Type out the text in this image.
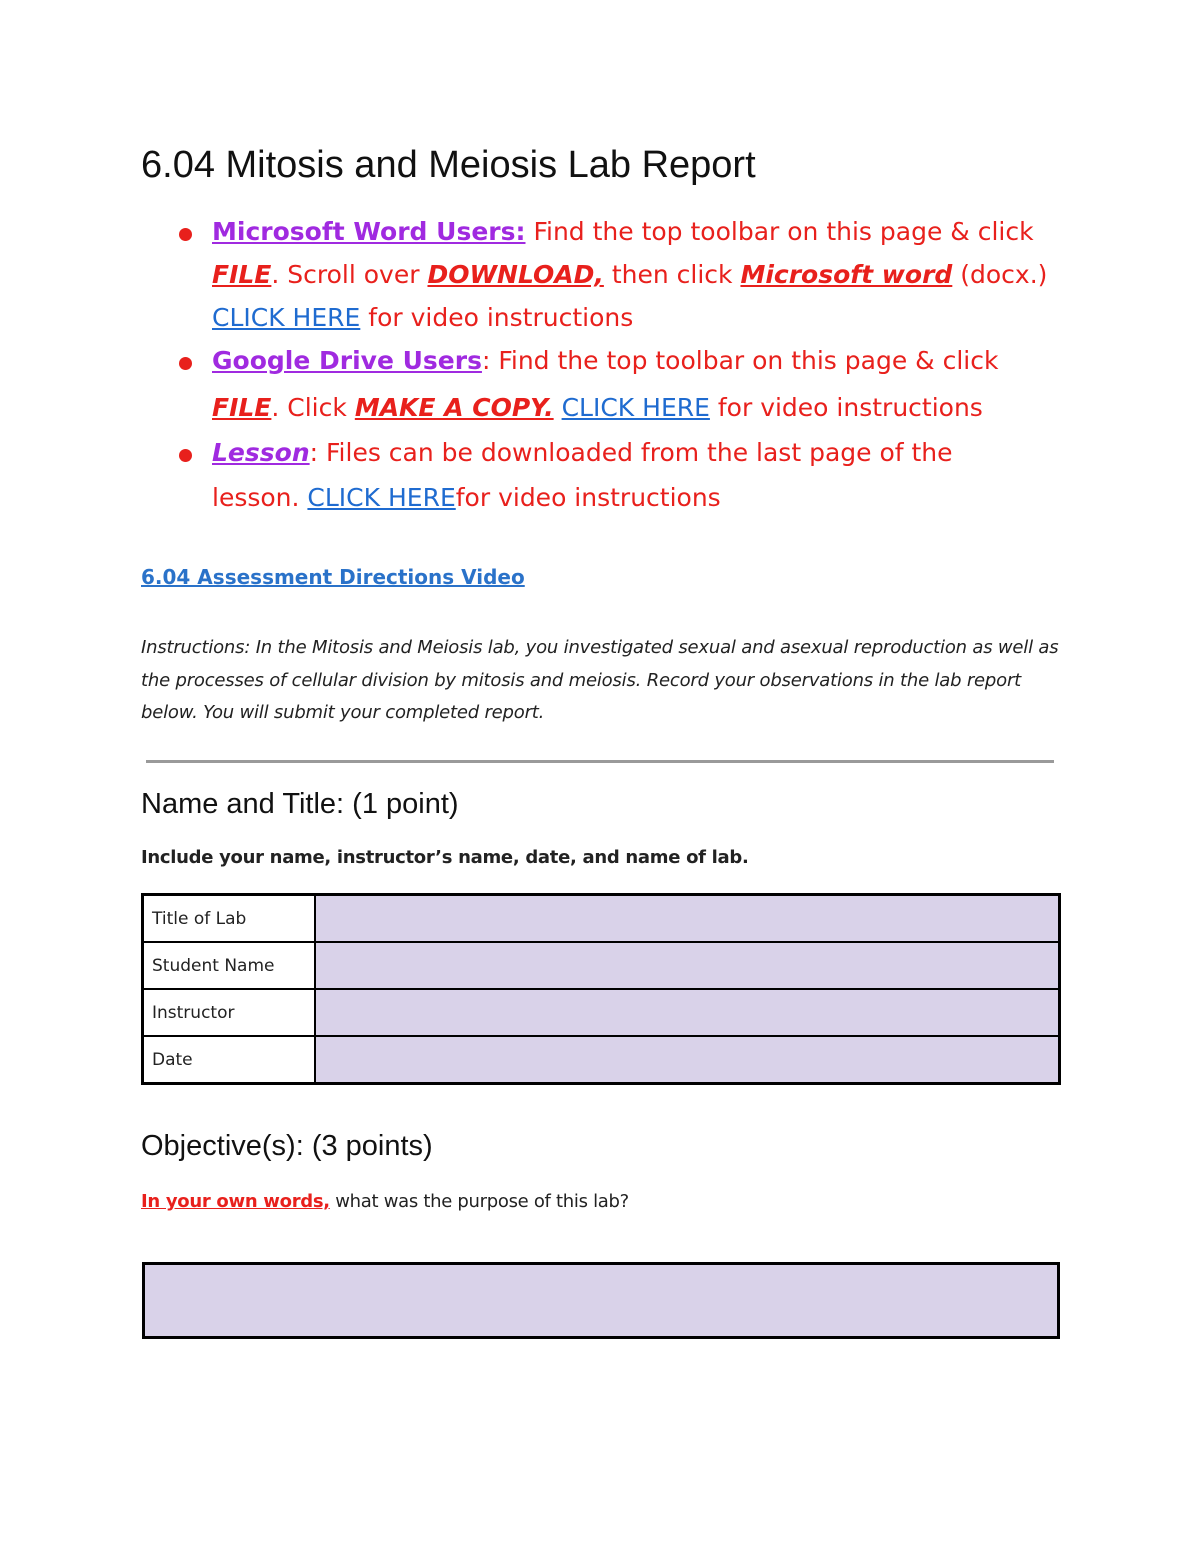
6.04 Mitosis and Meiosis Lab Report
Microsoft Word Users: Find the top toolbar on this page & click
FILE. Scroll over DOWNLOAD, then click Microsoft word (docx.)
CLICK HERE for video instructions
Google Drive Users: Find the top toolbar on this page & click
FILE. Click MAKE A COPY. CLICK HERE for video instructions
Lesson: Files can be downloaded from the last page of the
lesson. CLICK HEREfor video instructions
6.04 Assessment Directions Video

Instructions: In the Mitosis and Meiosis lab, you investigated sexual and asexual reproduction as well as the processes of cellular division by mitosis and meiosis. Record your observations in the lab report below. You will submit your completed report.

Name and Title: (1 point)
Include your name, instructor’s name, date, and name of lab.
Title of Lab	
Student Name	
Instructor	
Date	
Objective(s): (3 points)
In your own words, what was the purpose of this lab?
